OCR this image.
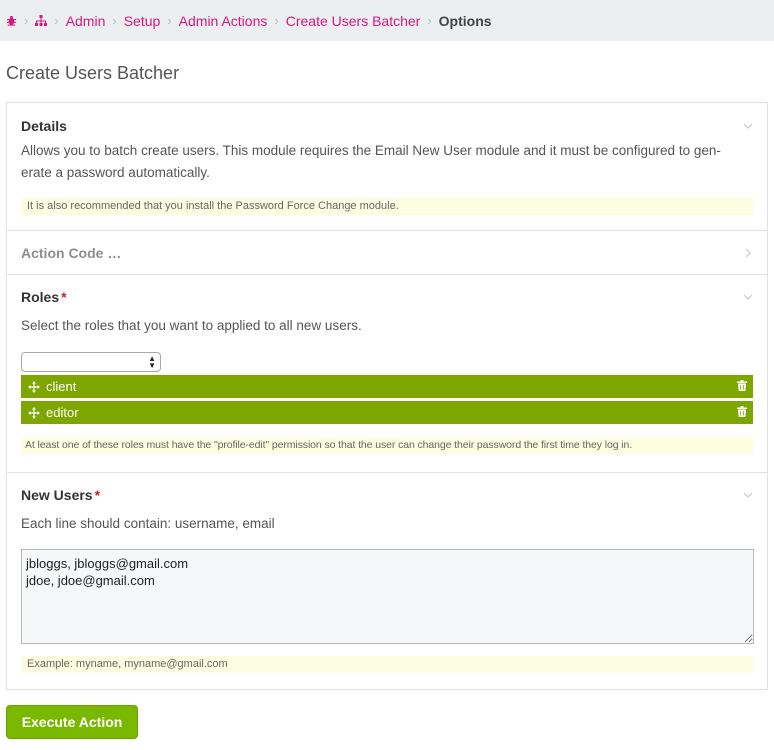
› › Admin › Setup › Admin Actions › Create Users Batcher › Options
Create Users Batcher
Details
Allows you to batch create users. This module requires the Email New User module and it must be configured to gen-
erate a password automatically.
It is also recommended that you install the Password Force Change module.
Action Code …
Roles *
Select the roles that you want to applied to all new users.
▲
▼
client
editor
At least one of these roles must have the "profile-edit" permission so that the user can change their password the first time they log in.
New Users *
Each line should contain: username, email
jbloggs, jbloggs@gmail.com jdoe, jdoe@gmail.com
Example: myname, myname@gmail.com
Execute Action
